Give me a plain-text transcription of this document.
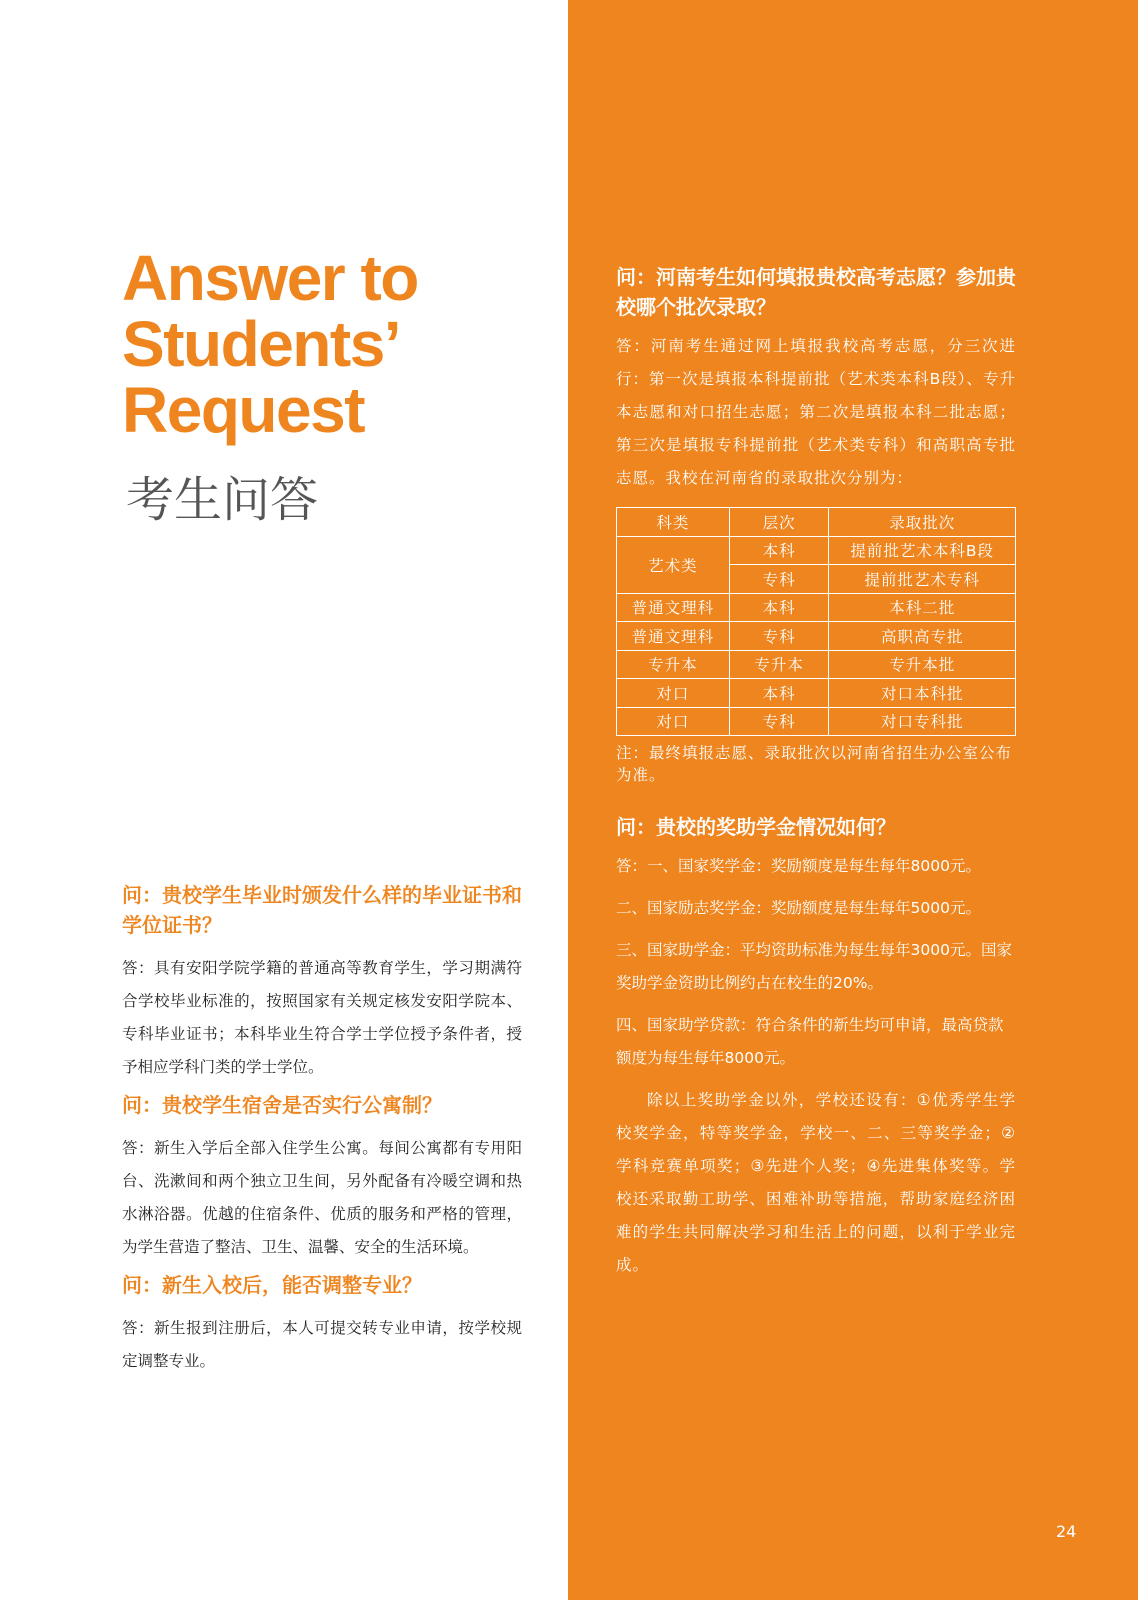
Answer to
Students’
Request
考生问答

问：贵校学生毕业时颁发什么样的毕业证书和学位证书？

答：具有安阳学院学籍的普通高等教育学生，学习期满符合学校毕业标准的，按照国家有关规定核发安阳学院本、专科毕业证书；本科毕业生符合学士学位授予条件者，授予相应学科门类的学士学位。

问：贵校学生宿舍是否实行公寓制？

答：新生入学后全部入住学生公寓。每间公寓都有专用阳台、洗漱间和两个独立卫生间，另外配备有冷暖空调和热水淋浴器。优越的住宿条件、优质的服务和严格的管理，为学生营造了整洁、卫生、温馨、安全的生活环境。

问：新生入校后，能否调整专业？

答：新生报到注册后，本人可提交转专业申请，按学校规定调整专业。

问：河南考生如何填报贵校高考志愿？参加贵校哪个批次录取？

答：河南考生通过网上填报我校高考志愿，分三次进行：第一次是填报本科提前批（艺术类本科B段）、专升本志愿和对口招生志愿；第二次是填报本科二批志愿；第三次是填报专科提前批（艺术类专科）和高职高专批志愿。我校在河南省的录取批次分别为：

科类	层次	录取批次
艺术类	本科	提前批艺术本科B段
	专科	提前批艺术专科
普通文理科	本科	本科二批
普通文理科	专科	高职高专批
专升本	专升本	专升本批
对口	本科	对口本科批
对口	专科	对口专科批

注：最终填报志愿、录取批次以河南省招生办公室公布为准。

问：贵校的奖助学金情况如何？

答：一、国家奖学金：奖励额度是每生每年8000元。

二、国家励志奖学金：奖励额度是每生每年5000元。

三、国家助学金：平均资助标准为每生每年3000元。国家奖助学金资助比例约占在校生的20%。

四、国家助学贷款：符合条件的新生均可申请，最高贷款额度为每生每年8000元。

除以上奖助学金以外，学校还设有：①优秀学生学校奖学金，特等奖学金，学校一、二、三等奖学金；②学科竞赛单项奖；③先进个人奖；④先进集体奖等。学校还采取勤工助学、困难补助等措施，帮助家庭经济困难的学生共同解决学习和生活上的问题，以利于学业完成。

24
